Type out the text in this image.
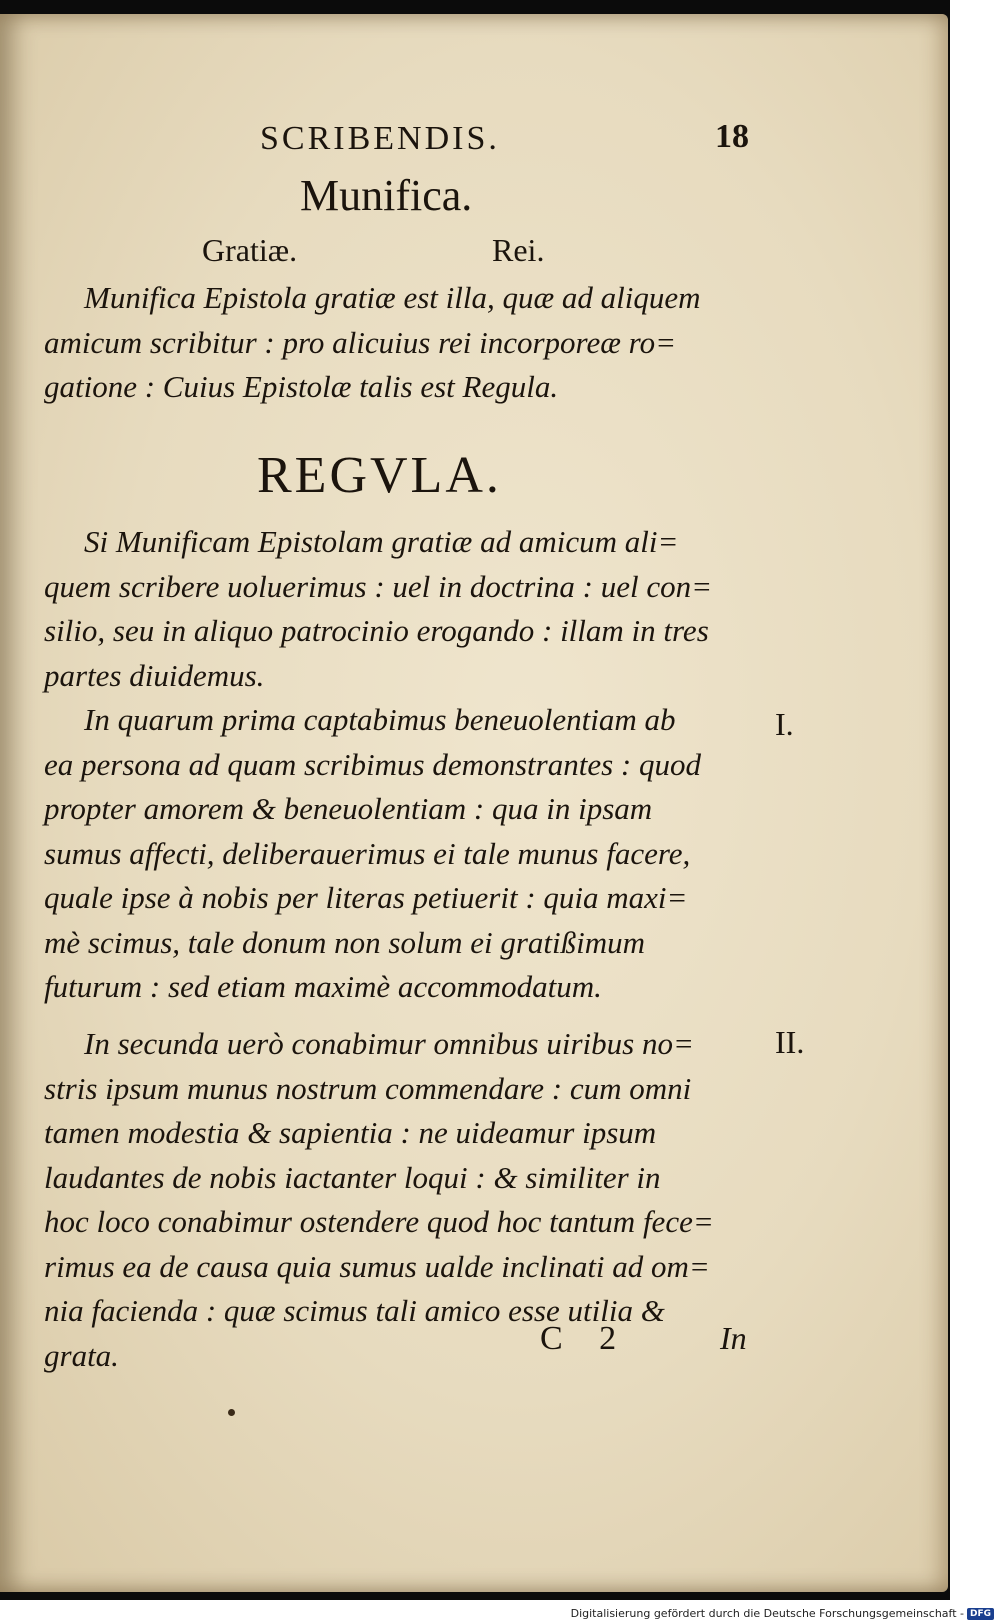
SCRIBENDIS.	18
Munifica.
Gratiæ.	Rei.
Munifica Epistola gratiæ est illa, quæ ad aliquem
amicum scribitur : pro alicuius rei incorporeæ ro=
gatione : Cuius Epistolæ talis est Regula.
REGVLA.
Si Munificam Epistolam gratiæ ad amicum ali=
quem scribere uoluerimus : uel in doctrina : uel con=
silio, seu in aliquo patrocinio erogando : illam in tres
partes diuidemus.
In quarum prima captabimus beneuolentiam ab
ea persona ad quam scribimus demonstrantes : quod
propter amorem & beneuolentiam : qua in ipsam
sumus affecti, deliberauerimus ei tale munus facere,
quale ipse à nobis per literas petiuerit : quia maxi=
mè scimus, tale donum non solum ei gratißimum
futurum : sed etiam maximè accommodatum.
In secunda uerò conabimur omnibus uiribus no=
stris ipsum munus nostrum commendare : cum omni
tamen modestia & sapientia : ne uideamur ipsum
laudantes de nobis iactanter loqui : & similiter in
hoc loco conabimur ostendere quod hoc tantum fece=
rimus ea de causa quia sumus ualde inclinati ad om=
nia facienda : quæ scimus tali amico esse utilia &
grata.
I.
II.
C 2	In
Digitalisierung gefördert durch die Deutsche Forschungsgemeinschaft - DFG
